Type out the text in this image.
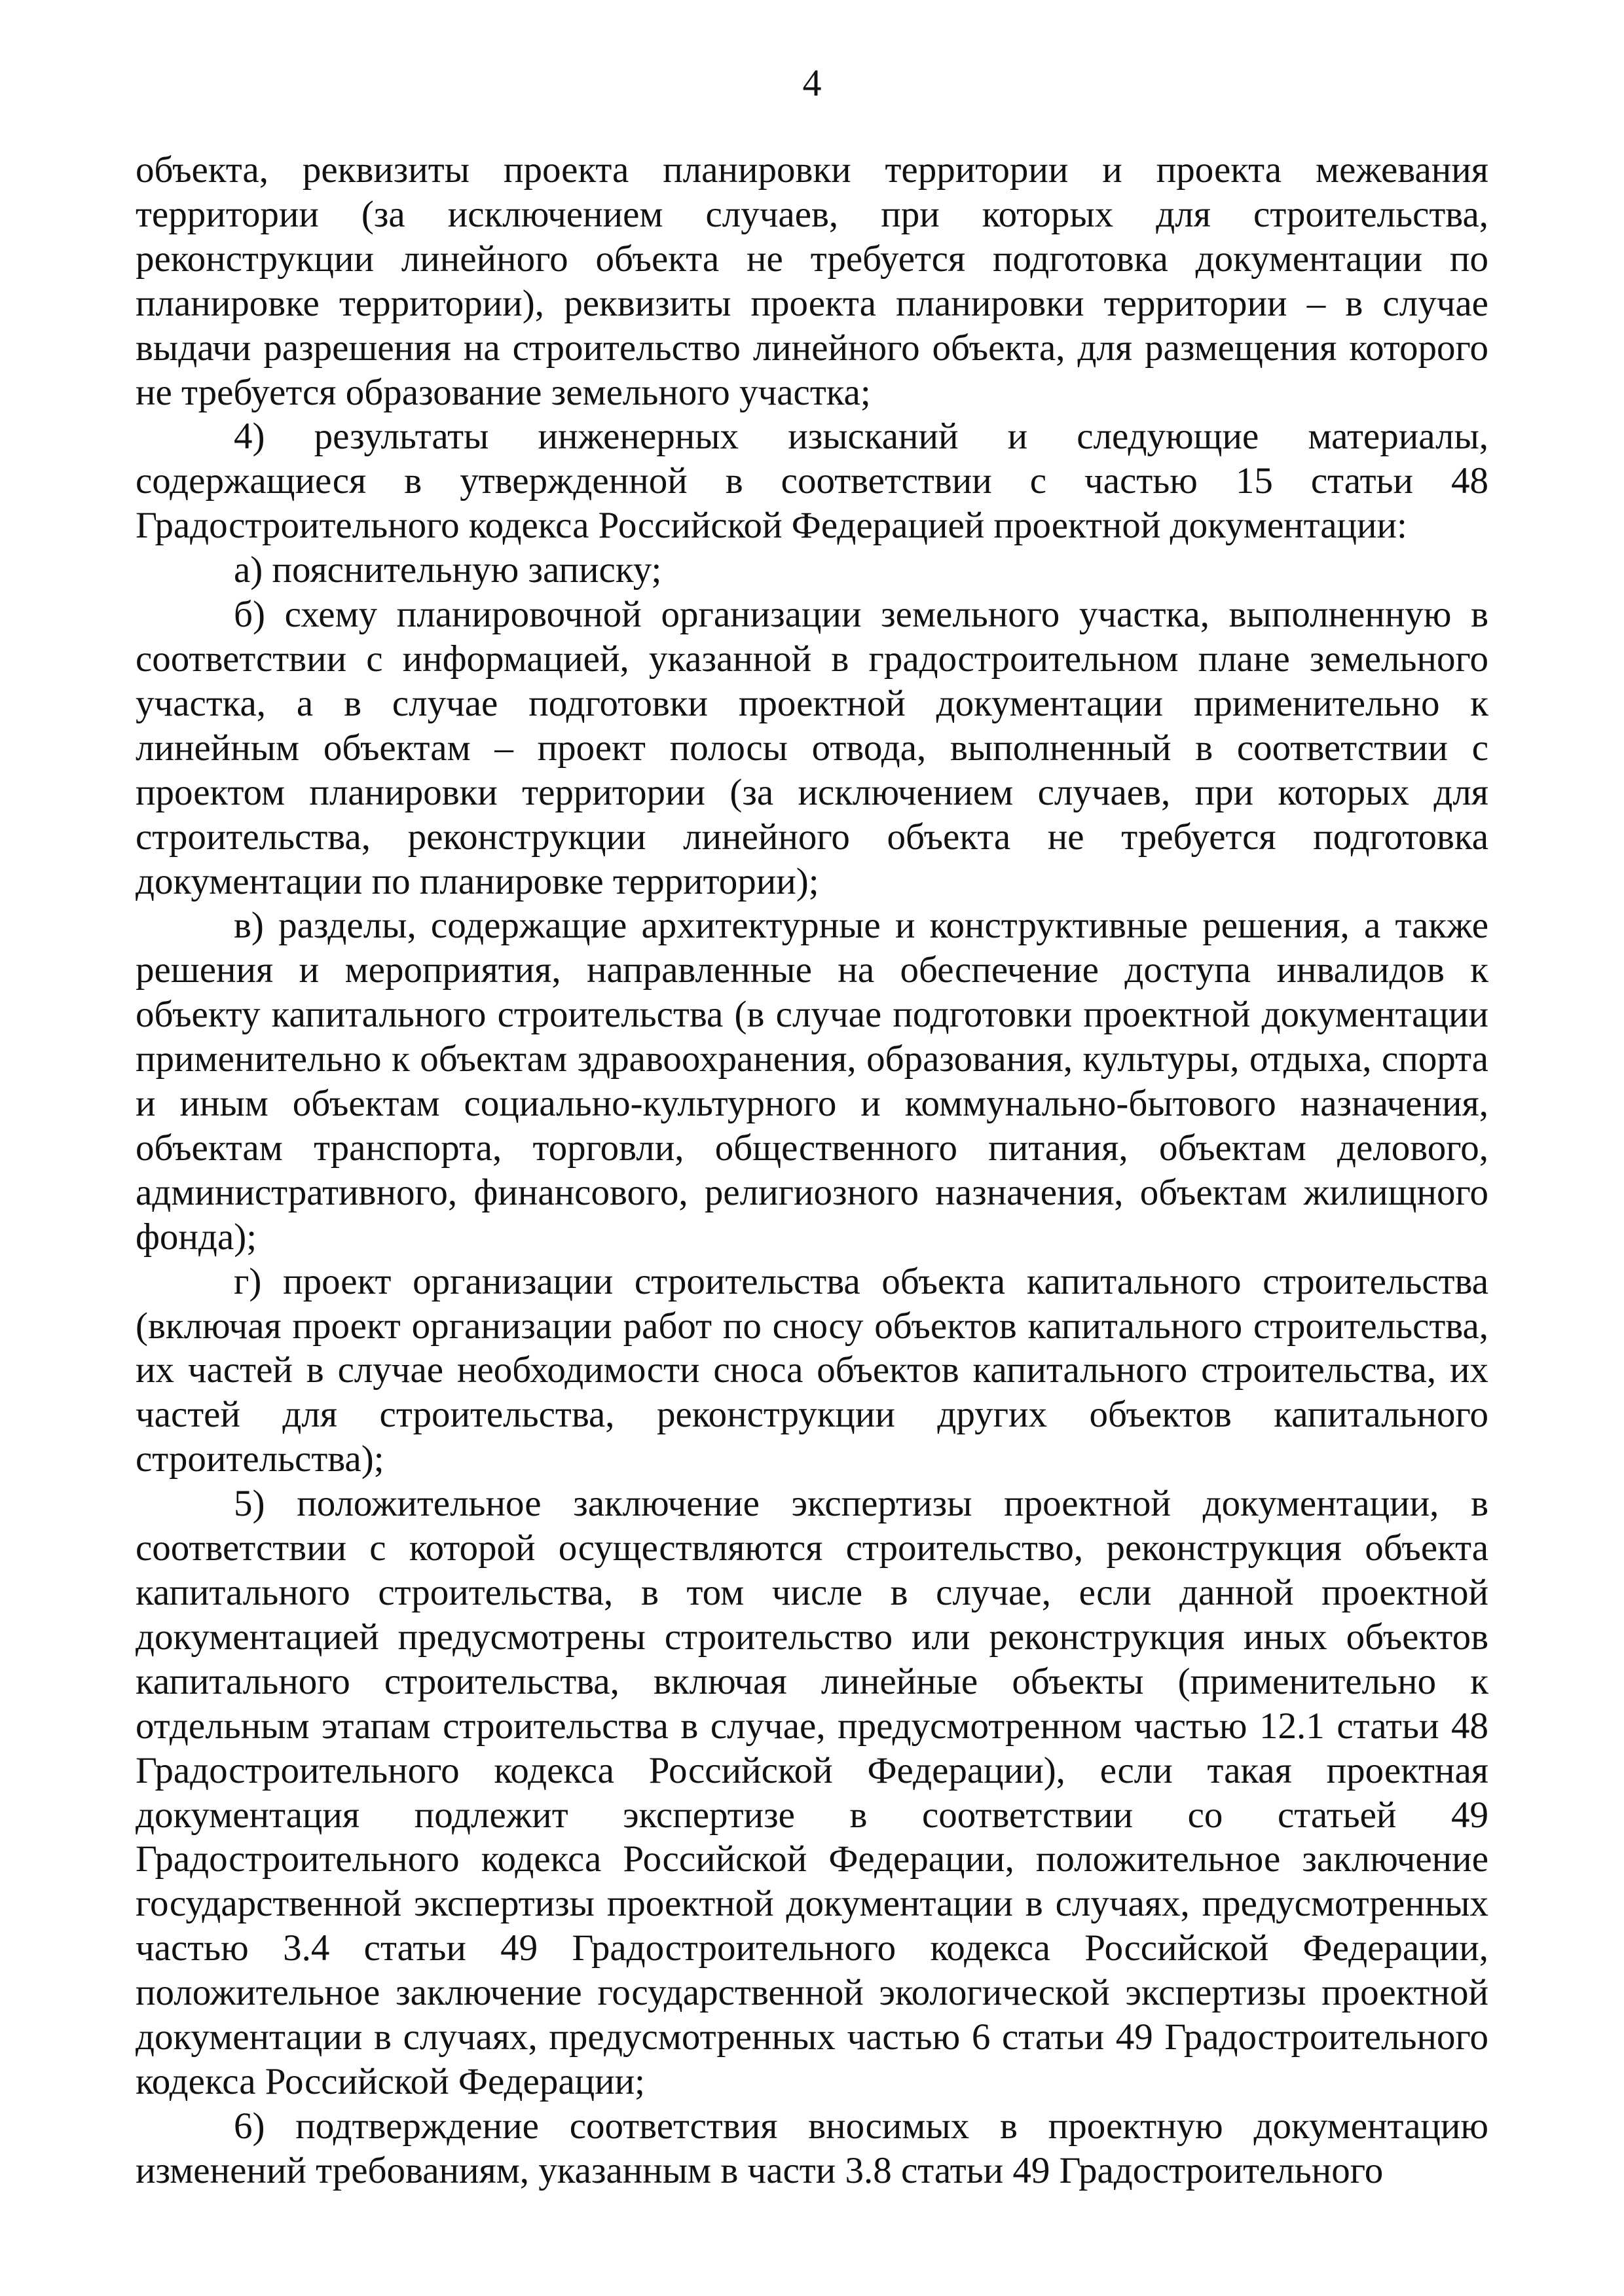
4

объекта, реквизиты проекта планировки территории и проекта межевания территории (за исключением случаев, при которых для строительства, реконструкции линейного объекта не требуется подготовка документации по планировке территории), реквизиты проекта планировки территории – в случае выдачи разрешения на строительство линейного объекта, для размещения которого не требуется образование земельного участка;

4) результаты инженерных изысканий и следующие материалы, содержащиеся в утвержденной в соответствии с частью 15 статьи 48 Градостроительного кодекса Российской Федерацией проектной документации:

а) пояснительную записку;

б) схему планировочной организации земельного участка, выполненную в соответствии с информацией, указанной в градостроительном плане земельного участка, а в случае подготовки проектной документации применительно к линейным объектам – проект полосы отвода, выполненный в соответствии с проектом планировки территории (за исключением случаев, при которых для строительства, реконструкции линейного объекта не требуется подготовка документации по планировке территории);

в) разделы, содержащие архитектурные и конструктивные решения, а также решения и мероприятия, направленные на обеспечение доступа инвалидов к объекту капитального строительства (в случае подготовки проектной документации применительно к объектам здравоохранения, образования, культуры, отдыха, спорта и иным объектам социально-культурного и коммунально-бытового назначения, объектам транспорта, торговли, общественного питания, объектам делового, административного, финансового, религиозного назначения, объектам жилищного фонда);

г) проект организации строительства объекта капитального строительства (включая проект организации работ по сносу объектов капитального строительства, их частей в случае необходимости сноса объектов капитального строительства, их частей для строительства, реконструкции других объектов капитального строительства);

5) положительное заключение экспертизы проектной документации, в соответствии с которой осуществляются строительство, реконструкция объекта капитального строительства, в том числе в случае, если данной проектной документацией предусмотрены строительство или реконструкция иных объектов капитального строительства, включая линейные объекты (применительно к отдельным этапам строительства в случае, предусмотренном частью 12.1 статьи 48 Градостроительного кодекса Российской Федерации), если такая проектная документация подлежит экспертизе в соответствии со статьей 49 Градостроительного кодекса Российской Федерации, положительное заключение государственной экспертизы проектной документации в случаях, предусмотренных частью 3.4 статьи 49 Градостроительного кодекса Российской Федерации, положительное заключение государственной экологической экспертизы проектной документации в случаях, предусмотренных частью 6 статьи 49 Градостроительного кодекса Российской Федерации;

6) подтверждение соответствия вносимых в проектную документацию изменений требованиям, указанным в части 3.8 статьи 49 Градостроительного
